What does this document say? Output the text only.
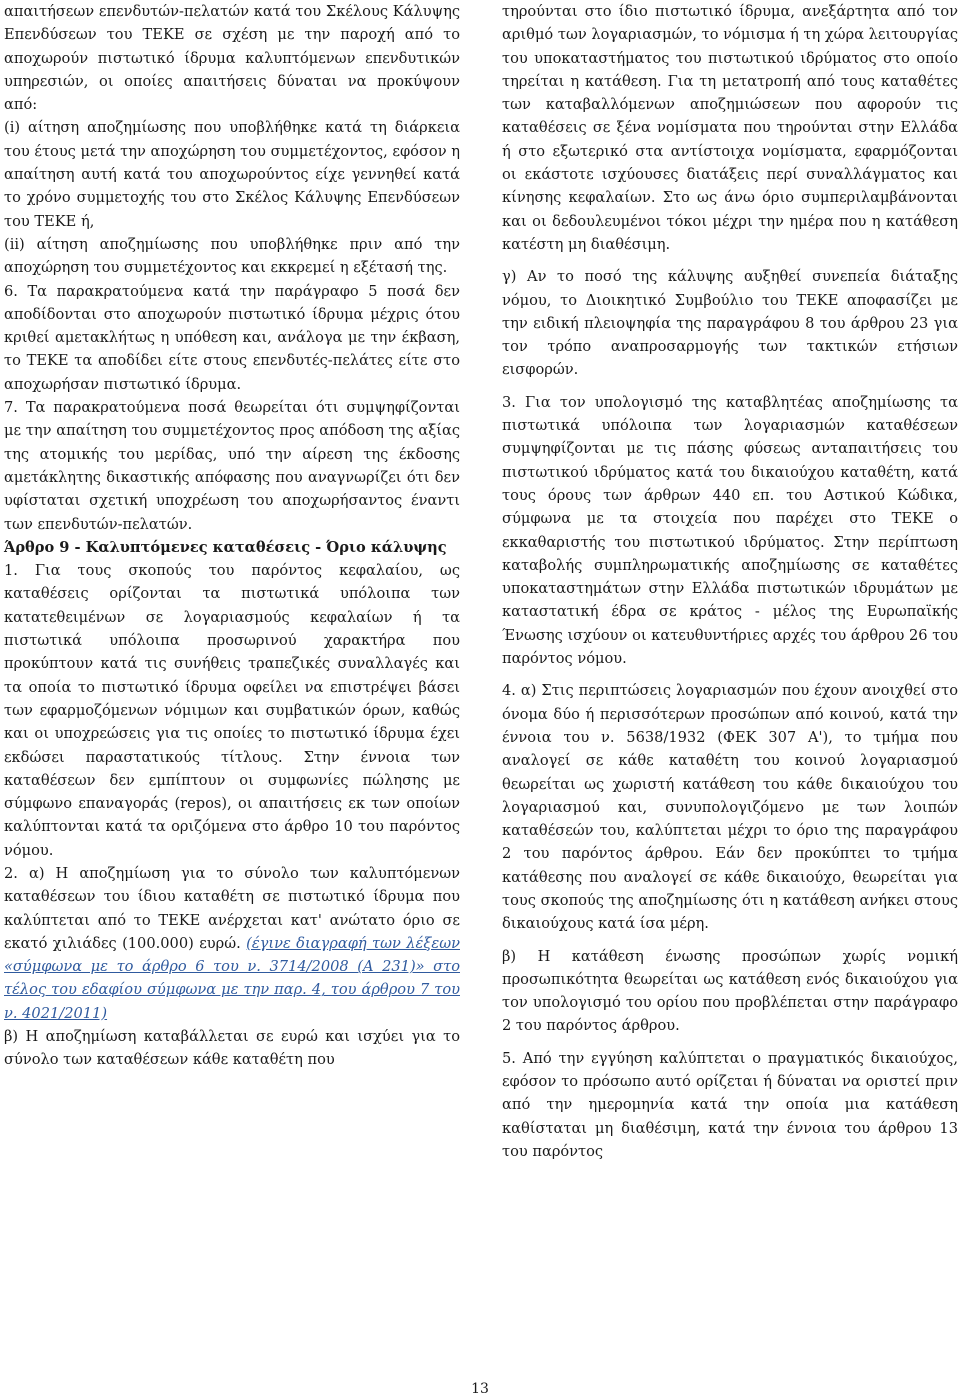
απαιτήσεων επενδυτών-πελατών κατά του Σκέλους Κάλυψης Επενδύσεων του ΤΕΚΕ σε σχέση με την παροχή από το αποχωρούν πιστωτικό ίδρυμα καλυπτόμενων επενδυτικών υπηρεσιών, οι οποίες απαιτήσεις δύναται να προκύψουν από:

(i) αίτηση αποζημίωσης που υποβλήθηκε κατά τη διάρκεια του έτους μετά την αποχώρηση του συμμετέχοντος, εφόσον η απαίτηση αυτή κατά του αποχωρούντος είχε γεννηθεί κατά το χρόνο συμμετοχής του στο Σκέλος Κάλυψης Επενδύσεων του ΤΕΚΕ ή,

(ii) αίτηση αποζημίωσης που υποβλήθηκε πριν από την αποχώρηση του συμμετέχοντος και εκκρεμεί η εξέτασή της.

6. Τα παρακρατούμενα κατά την παράγραφο 5 ποσά δεν αποδίδονται στο αποχωρούν πιστωτικό ίδρυμα μέχρις ότου κριθεί αμετακλήτως η υπόθεση και, ανάλογα με την έκβαση, το ΤΕΚΕ τα αποδίδει είτε στους επενδυτές-πελάτες είτε στο αποχωρήσαν πιστωτικό ίδρυμα.

7. Τα παρακρατούμενα ποσά θεωρείται ότι συμψηφίζονται με την απαίτηση του συμμετέχοντος προς απόδοση της αξίας της ατομικής του μερίδας, υπό την αίρεση της έκδοσης αμετάκλητης δικαστικής απόφασης που αναγνωρίζει ότι δεν υφίσταται σχετική υποχρέωση του αποχωρήσαντος έναντι των επενδυτών-πελατών.

Άρθρο 9 - Καλυπτόμενες καταθέσεις - Όριο κάλυψης

1. Για τους σκοπούς του παρόντος κεφαλαίου, ως καταθέσεις ορίζονται τα πιστωτικά υπόλοιπα των κατατεθειμένων σε λογαριασμούς κεφαλαίων ή τα πιστωτικά υπόλοιπα προσωρινού χαρακτήρα που προκύπτουν κατά τις συνήθεις τραπεζικές συναλλαγές και τα οποία το πιστωτικό ίδρυμα οφείλει να επιστρέψει βάσει των εφαρμοζόμενων νόμιμων και συμβατικών όρων, καθώς και οι υποχρεώσεις για τις οποίες το πιστωτικό ίδρυμα έχει εκδώσει παραστατικούς τίτλους. Στην έννοια των καταθέσεων δεν εμπίπτουν οι συμφωνίες πώλησης με σύμφωνο επαναγοράς (repos), οι απαιτήσεις εκ των οποίων καλύπτονται κατά τα οριζόμενα στο άρθρο 10 του παρόντος νόμου.

2. α) Η αποζημίωση για το σύνολο των καλυπτόμενων καταθέσεων του ίδιου καταθέτη σε πιστωτικό ίδρυμα που καλύπτεται από το ΤΕΚΕ ανέρχεται κατ' ανώτατο όριο σε εκατό χιλιάδες (100.000) ευρώ. (έγινε διαγραφή των λέξεων «σύμφωνα με το άρθρο 6 του ν. 3714/2008 (Α 231)» στο τέλος του εδαφίου σύμφωνα με την παρ. 4, του άρθρου 7 του ν. 4021/2011)

β) Η αποζημίωση καταβάλλεται σε ευρώ και ισχύει για το σύνολο των καταθέσεων κάθε καταθέτη που

τηρούνται στο ίδιο πιστωτικό ίδρυμα, ανεξάρτητα από τον αριθμό των λογαριασμών, το νόμισμα ή τη χώρα λειτουργίας του υποκαταστήματος του πιστωτικού ιδρύματος στο οποίο τηρείται η κατάθεση. Για τη μετατροπή από τους καταθέτες των καταβαλλόμενων αποζημιώσεων που αφορούν τις καταθέσεις σε ξένα νομίσματα που τηρούνται στην Ελλάδα ή στο εξωτερικό στα αντίστοιχα νομίσματα, εφαρμόζονται οι εκάστοτε ισχύουσες διατάξεις περί συναλλάγματος και κίνησης κεφαλαίων. Στο ως άνω όριο συμπεριλαμβάνονται και οι δεδουλευμένοι τόκοι μέχρι την ημέρα που η κατάθεση κατέστη μη διαθέσιμη.

γ) Αν το ποσό της κάλυψης αυξηθεί συνεπεία διάταξης νόμου, το Διοικητικό Συμβούλιο του ΤΕΚΕ αποφασίζει με την ειδική πλειοψηφία της παραγράφου 8 του άρθρου 23 για τον τρόπο αναπροσαρμογής των τακτικών ετήσιων εισφορών.

3. Για τον υπολογισμό της καταβλητέας αποζημίωσης τα πιστωτικά υπόλοιπα των λογαριασμών καταθέσεων συμψηφίζονται με τις πάσης φύσεως ανταπαιτήσεις του πιστωτικού ιδρύματος κατά του δικαιούχου καταθέτη, κατά τους όρους των άρθρων 440 επ. του Αστικού Κώδικα, σύμφωνα με τα στοιχεία που παρέχει στο ΤΕΚΕ ο εκκαθαριστής του πιστωτικού ιδρύματος. Στην περίπτωση καταβολής συμπληρωματικής αποζημίωσης σε καταθέτες υποκαταστημάτων στην Ελλάδα πιστωτικών ιδρυμάτων με καταστατική έδρα σε κράτος - μέλος της Ευρωπαϊκής Ένωσης ισχύουν οι κατευθυντήριες αρχές του άρθρου 26 του παρόντος νόμου.

4. α) Στις περιπτώσεις λογαριασμών που έχουν ανοιχθεί στο όνομα δύο ή περισσότερων προσώπων από κοινού, κατά την έννοια του ν. 5638/1932 (ΦΕΚ 307 Α'), το τμήμα που αναλογεί σε κάθε καταθέτη του κοινού λογαριασμού θεωρείται ως χωριστή κατάθεση του κάθε δικαιούχου του λογαριασμού και, συνυπολογιζόμενο με των λοιπών καταθέσεών του, καλύπτεται μέχρι το όριο της παραγράφου 2 του παρόντος άρθρου. Εάν δεν προκύπτει το τμήμα κατάθεσης που αναλογεί σε κάθε δικαιούχο, θεωρείται για τους σκοπούς της αποζημίωσης ότι η κατάθεση ανήκει στους δικαιούχους κατά ίσα μέρη.

β) Η κατάθεση ένωσης προσώπων χωρίς νομική προσωπικότητα θεωρείται ως κατάθεση ενός δικαιούχου για τον υπολογισμό του ορίου που προβλέπεται στην παράγραφο 2 του παρόντος άρθρου.

5. Από την εγγύηση καλύπτεται ο πραγματικός δικαιούχος, εφόσον το πρόσωπο αυτό ορίζεται ή δύναται να οριστεί πριν από την ημερομηνία κατά την οποία μια κατάθεση καθίσταται μη διαθέσιμη, κατά την έννοια του άρθρου 13 του παρόντος

13
